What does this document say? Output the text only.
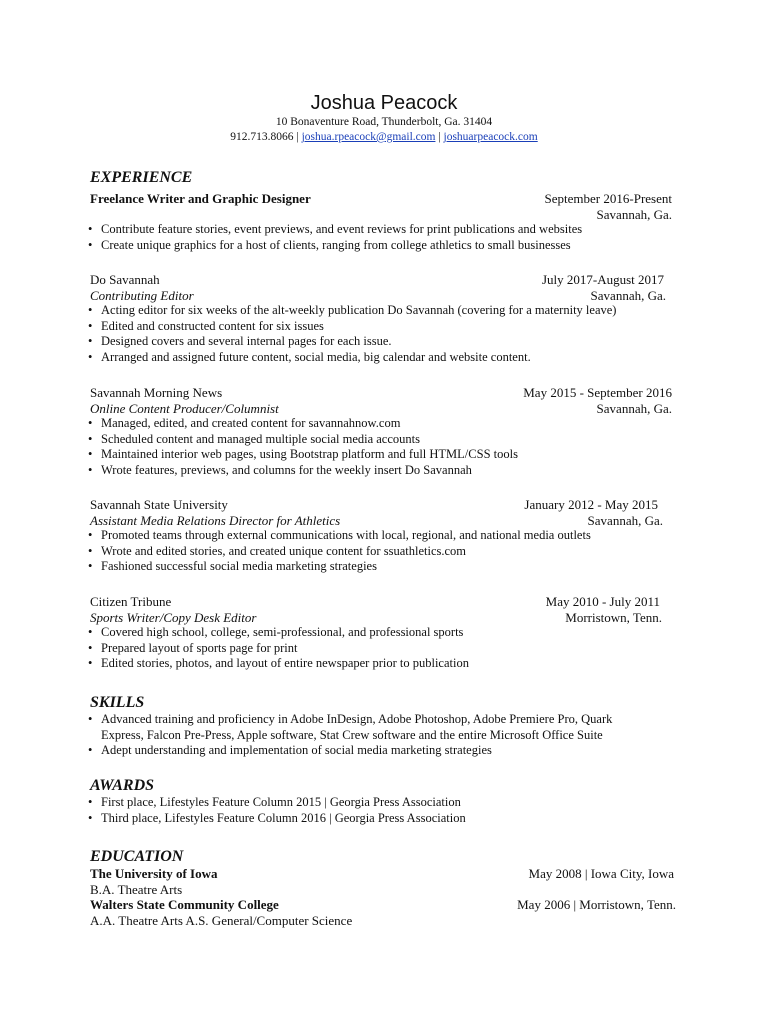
Joshua Peacock
10 Bonaventure Road, Thunderbolt, Ga. 31404
912.713.8066 | joshua.rpeacock@gmail.com | joshuarpeacock.com
EXPERIENCE
Freelance Writer and Graphic Designer	September 2016-Present
Savannah, Ga.
• Contribute feature stories, event previews, and event reviews for print publications and websites
• Create unique graphics for a host of clients, ranging from college athletics to small businesses
Do Savannah	July 2017-August 2017
Contributing Editor	Savannah, Ga.
• Acting editor for six weeks of the alt-weekly publication Do Savannah (covering for a maternity leave)
• Edited and constructed content for six issues
• Designed covers and several internal pages for each issue.
• Arranged and assigned future content, social media, big calendar and website content.
Savannah Morning News	May 2015 - September 2016
Online Content Producer/Columnist	Savannah, Ga.
• Managed, edited, and created content for savannahnow.com
• Scheduled content and managed multiple social media accounts
• Maintained interior web pages, using Bootstrap platform and full HTML/CSS tools
• Wrote features, previews, and columns for the weekly insert Do Savannah
Savannah State University	January 2012 - May 2015
Assistant Media Relations Director for Athletics	Savannah, Ga.
• Promoted teams through external communications with local, regional, and national media outlets
• Wrote and edited stories, and created unique content for ssuathletics.com
• Fashioned successful social media marketing strategies
Citizen Tribune	May 2010 - July 2011
Sports Writer/Copy Desk Editor	Morristown, Tenn.
• Covered high school, college, semi-professional, and professional sports
• Prepared layout of sports page for print
• Edited stories, photos, and layout of entire newspaper prior to publication
SKILLS
• Advanced training and proficiency in Adobe InDesign, Adobe Photoshop, Adobe Premiere Pro, Quark
Express, Falcon Pre-Press, Apple software, Stat Crew software and the entire Microsoft Office Suite
• Adept understanding and implementation of social media marketing strategies
AWARDS
• First place, Lifestyles Feature Column 2015 | Georgia Press Association
• Third place, Lifestyles Feature Column 2016 | Georgia Press Association
EDUCATION
The University of Iowa	May 2008 | Iowa City, Iowa
B.A. Theatre Arts
Walters State Community College	May 2006 | Morristown, Tenn.
A.A. Theatre Arts A.S. General/Computer Science
